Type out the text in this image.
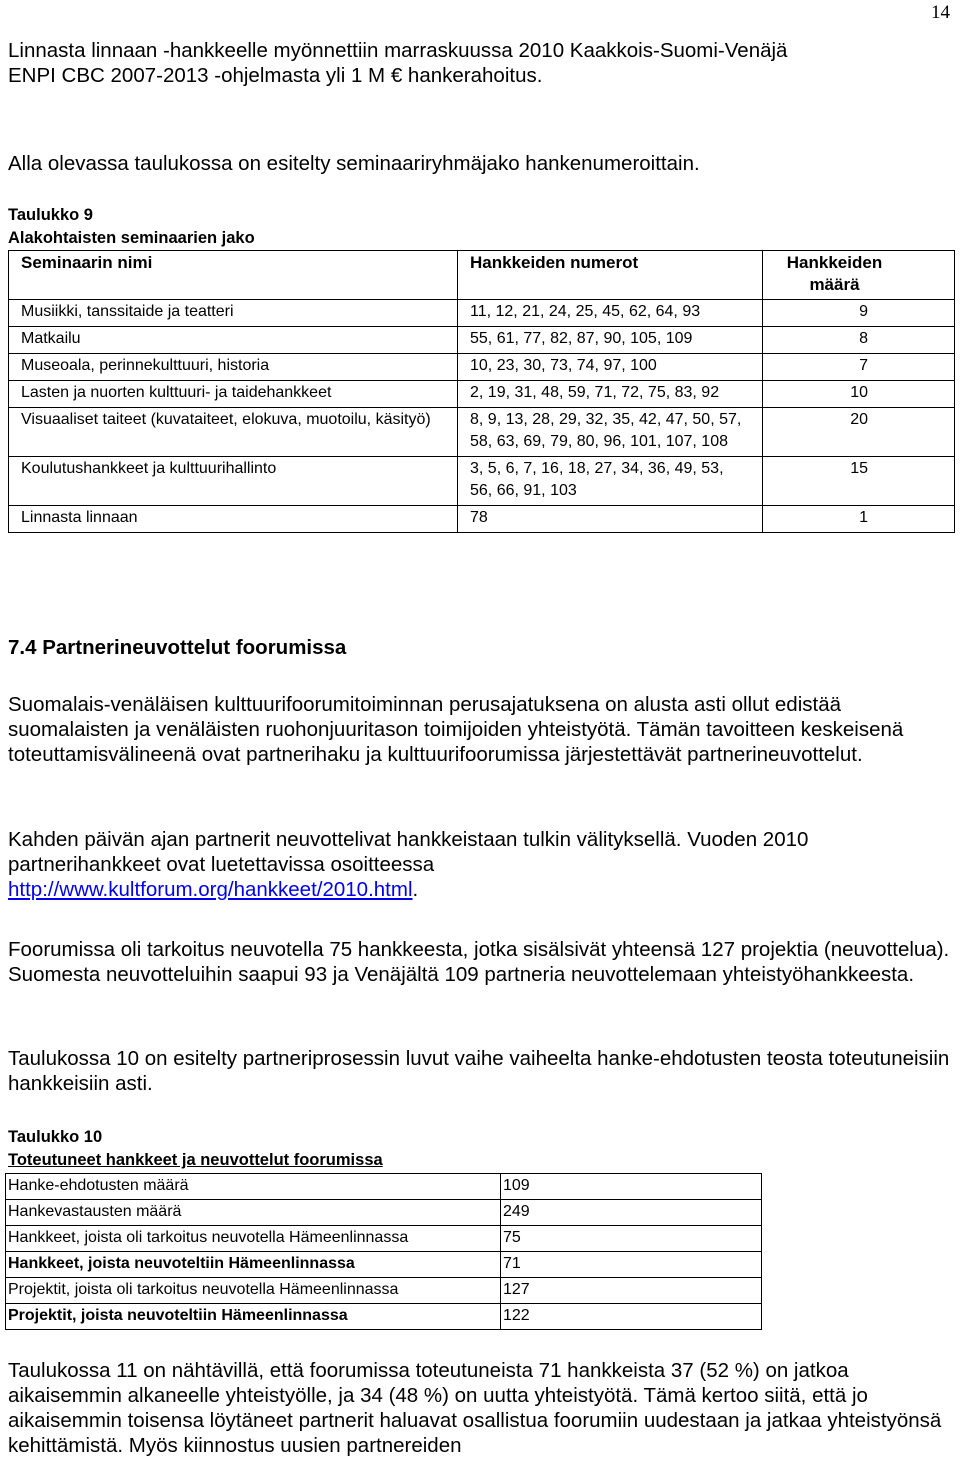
14

Linnasta linnaan -hankkeelle myönnettiin marraskuussa 2010 Kaakkois-Suomi-Venäjä

ENPI CBC 2007-2013 -ohjelmasta yli 1 M € hankerahoitus.

Alla olevassa taulukossa on esitelty seminaariryhmäjako hankenumeroittain.
Taulukko 9
Alakohtaisten seminaarien jako
Seminaarin nimi	Hankkeiden numerot	Hankkeiden määrä
Musiikki, tanssitaide ja teatteri	11, 12, 21, 24, 25, 45, 62, 64, 93	9
Matkailu	55, 61, 77, 82, 87, 90, 105, 109	8
Museoala, perinnekulttuuri, historia	10, 23, 30, 73, 74, 97, 100	7
Lasten ja nuorten kulttuuri- ja taidehankkeet	2, 19, 31, 48, 59, 71, 72, 75, 83, 92	10
Visuaaliset taiteet (kuvataiteet, elokuva, muotoilu, käsityö)	8, 9, 13, 28, 29, 32, 35, 42, 47, 50, 57, 58, 63, 69, 79, 80, 96, 101, 107, 108	20
Koulutushankkeet ja kulttuurihallinto	3, 5, 6, 7, 16, 18, 27, 34, 36, 49, 53, 56, 66, 91, 103	15
Linnasta linnaan	78	1
7.4 Partnerineuvottelut foorumissa
Suomalais-venäläisen kulttuurifoorumitoiminnan perusajatuksena on alusta asti ollut edistää suomalaisten ja venäläisten ruohonjuuritason toimijoiden yhteistyötä. Tämän tavoitteen keskeisenä toteuttamisvälineenä ovat partnerihaku ja kulttuurifoorumissa järjestettävät partnerineuvottelut.
Kahden päivän ajan partnerit neuvottelivat hankkeistaan tulkin välityksellä. Vuoden 2010 partnerihankkeet ovat luetettavissa osoitteessa
http://www.kultforum.org/hankkeet/2010.html.
Foorumissa oli tarkoitus neuvotella 75 hankkeesta, jotka sisälsivät yhteensä 127 projektia (neuvottelua). Suomesta neuvotteluihin saapui 93 ja Venäjältä 109 partneria neuvottelemaan yhteistyöhankkeesta.
Taulukossa 10 on esitelty partneriprosessin luvut vaihe vaiheelta hanke-ehdotusten teosta toteutuneisiin hankkeisiin asti.
Taulukko 10
Toteutuneet hankkeet ja neuvottelut foorumissa
Hanke-ehdotusten määrä	109
Hankevastausten määrä	249
Hankkeet, joista oli tarkoitus neuvotella Hämeenlinnassa	75
Hankkeet, joista neuvoteltiin Hämeenlinnassa	71
Projektit, joista oli tarkoitus neuvotella Hämeenlinnassa	127
Projektit, joista neuvoteltiin Hämeenlinnassa	122
Taulukossa 11 on nähtävillä, että foorumissa toteutuneista 71 hankkeista 37 (52 %) on jatkoa aikaisemmin alkaneelle yhteistyölle, ja 34 (48 %) on uutta yhteistyötä. Tämä kertoo siitä, että jo aikaisemmin toisensa löytäneet partnerit haluavat osallistua foorumiin uudestaan ja jatkaa yhteistyönsä kehittämistä. Myös kiinnostus uusien partnereiden
